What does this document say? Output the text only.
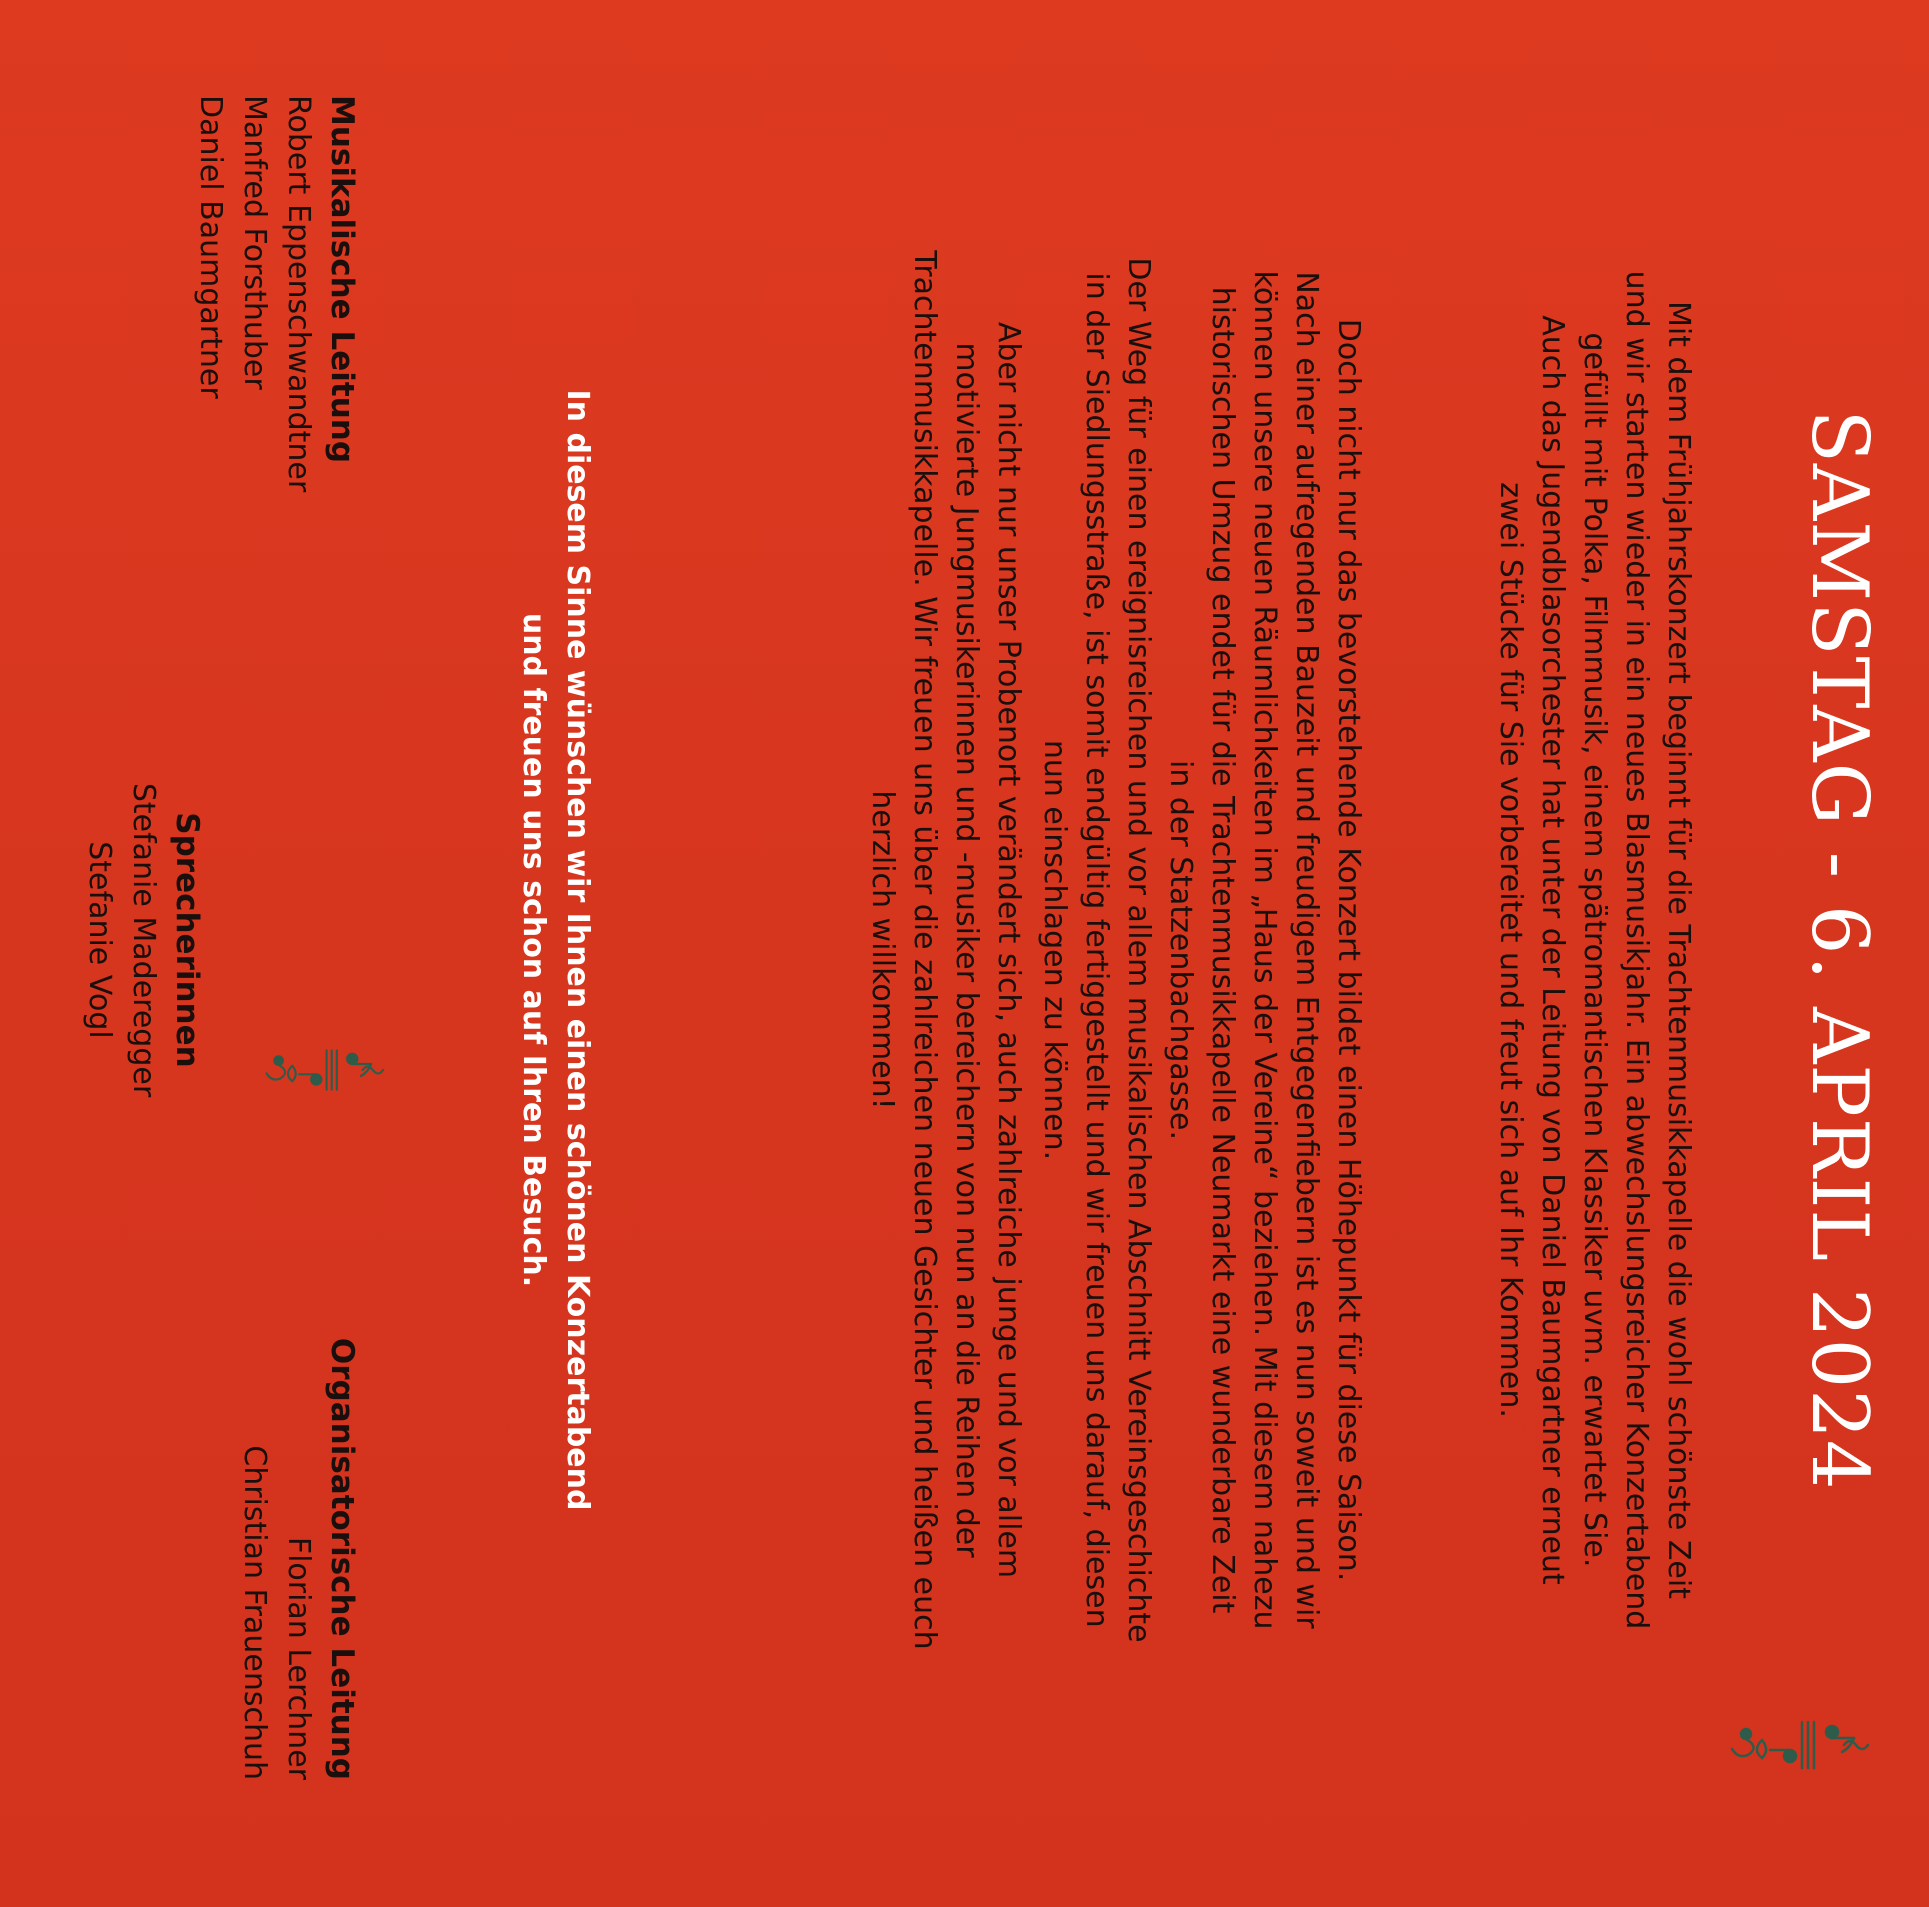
SAMSTAG - 6. APRIL 2024

Mit dem Frühjahrskonzert beginnt für die Trachtenmusikkapelle die wohl schönste Zeit

und wir starten wieder in ein neues Blasmusikjahr. Ein abwechslungsreicher Konzertabend

gefüllt mit Polka, Filmmusik, einem spätromantischen Klassiker uvm. erwartet Sie.

Auch das Jugendblasorchester hat unter der Leitung von Daniel Baumgartner erneut

zwei Stücke für Sie vorbereitet und freut sich auf Ihr Kommen.

Doch nicht nur das bevorstehende Konzert bildet einen Höhepunkt für diese Saison.

Nach einer aufregenden Bauzeit und freudigem Entgegenfiebern ist es nun soweit und wir

können unsere neuen Räumlichkeiten im „Haus der Vereine“ beziehen. Mit diesem nahezu

historischen Umzug endet für die Trachtenmusikkapelle Neumarkt eine wunderbare Zeit

in der Statzenbachgasse.

Der Weg für einen ereignisreichen und vor allem musikalischen Abschnitt Vereinsgeschichte

in der Siedlungsstraße, ist somit endgültig fertiggestellt und wir freuen uns darauf, diesen

nun einschlagen zu können.

Aber nicht nur unser Probenort verändert sich, auch zahlreiche junge und vor allem

motivierte Jungmusikerinnen und -musiker bereichern von nun an die Reihen der

Trachtenmusikkapelle. Wir freuen uns über die zahlreichen neuen Gesichter und heißen euch

herzlich willkommen!

In diesem Sinne wünschen wir Ihnen einen schönen Konzertabend

und freuen uns schon auf Ihren Besuch.

Organisatorische Leitung
Florian Lerchner
Christian Frauenschuh
Sprecherinnen
Stefanie Maderegger
Stefanie Vogl
Musikalische Leitung
Robert Eppenschwandtner
Manfred Forsthuber
Daniel Baumgartner
